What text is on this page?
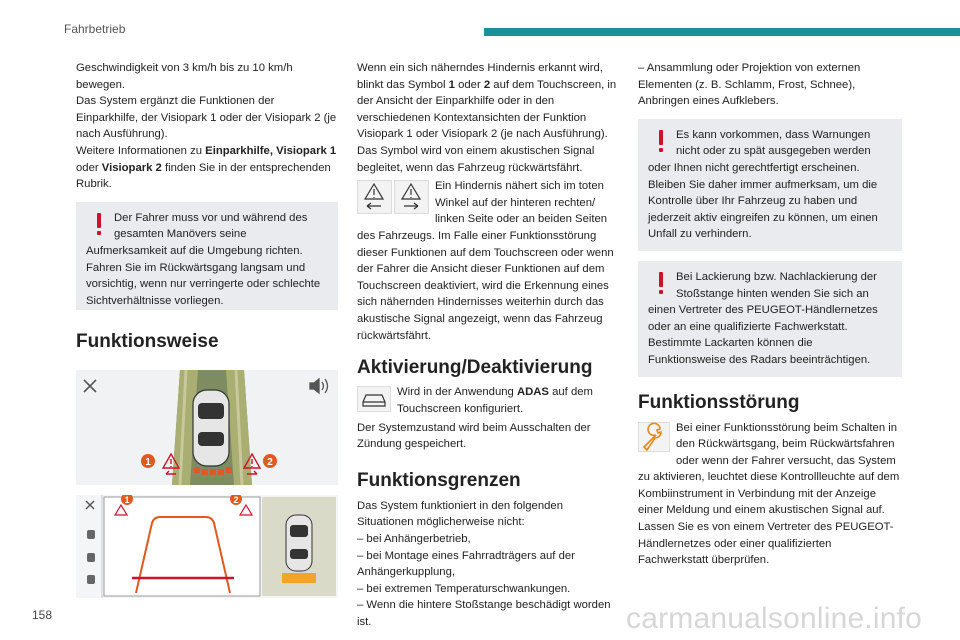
Fahrbetrieb

Geschwindigkeit von 3 km/h bis zu 10 km/h

bewegen.

Das System ergänzt die Funktionen der Einparkhilfe, der Visiopark 1 oder der Visiopark 2 (je nach Ausführung).

Weitere Informationen zu Einparkhilfe, Visiopark 1 oder Visiopark 2 finden Sie in der entsprechenden Rubrik.

Der Fahrer muss vor und während des gesamten Manövers seine Aufmerksamkeit auf die Umgebung richten. Fahren Sie im Rückwärtsgang langsam und vorsichtig, wenn nur verringerte oder schlechte Sichtverhältnisse vorliegen.
Funktionsweise
1	2
1	2

Wenn ein sich näherndes Hindernis erkannt wird, blinkt das Symbol 1 oder 2 auf dem Touchscreen, in der Ansicht der Einparkhilfe oder in den verschiedenen Kontextansichten der Funktion Visiopark 1 oder Visiopark 2 (je nach Ausführung). Das Symbol wird von einem akustischen Signal begleitet, wenn das Fahrzeug rückwärtsfährt.

Ein Hindernis nähert sich im toten Winkel auf der hinteren rechten/ linken Seite oder an beiden Seiten des Fahrzeugs. Im Falle einer Funktionsstörung dieser Funktionen auf dem Touchscreen oder wenn der Fahrer die Ansicht dieser Funktionen auf dem Touchscreen deaktiviert, wird die Erkennung eines sich nähernden Hindernisses weiterhin durch das akustische Signal angezeigt, wenn das Fahrzeug rückwärtsfährt.
Aktivierung/Deaktivierung
Wird in der Anwendung ADAS auf dem Touchscreen konfiguriert.

Der Systemzustand wird beim Ausschalten der Zündung gespeichert.

Funktionsgrenzen

Das System funktioniert in den folgenden Situationen möglicherweise nicht:

– bei Anhängerbetrieb,

– bei Montage eines Fahrradträgers auf der Anhängerkupplung,

– bei extremen Temperaturschwankungen.

– Wenn die hintere Stoßstange beschädigt worden ist.

– Ansammlung oder Projektion von externen Elementen (z. B. Schlamm, Frost, Schnee), Anbringen eines Aufklebers.

Es kann vorkommen, dass Warnungen nicht oder zu spät ausgegeben werden oder Ihnen nicht gerechtfertigt erscheinen. Bleiben Sie daher immer aufmerksam, um die Kontrolle über Ihr Fahrzeug zu haben und jederzeit aktiv eingreifen zu können, um einen Unfall zu verhindern.
Bei Lackierung bzw. Nachlackierung der Stoßstange hinten wenden Sie sich an einen Vertreter des PEUGEOT-Händlernetzes oder an eine qualifizierte Fachwerkstatt. Bestimmte Lackarten können die Funktionsweise des Radars beeinträchtigen.
Funktionsstörung
Bei einer Funktionsstörung beim Schalten in den Rückwärtsgang, beim Rückwärtsfahren oder wenn der Fahrer versucht, das System zu aktivieren, leuchtet diese Kontrollleuchte auf dem Kombiinstrument in Verbindung mit der Anzeige einer Meldung und einem akustischen Signal auf. Lassen Sie es von einem Vertreter des PEUGEOT-Händlernetzes oder einer qualifizierten Fachwerkstatt überprüfen.
158	carmanualsonline.info
